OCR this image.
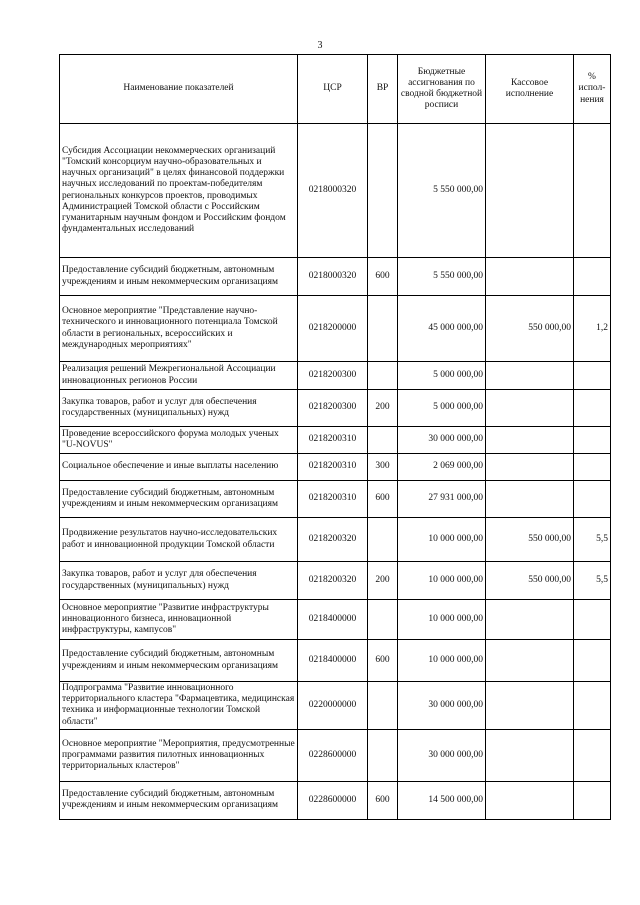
3
Наименование показателей	ЦСР	ВР	Бюджетные ассигнования по сводной бюджетной росписи	Кассовое исполнение	% испол-нения
Субсидия Ассоциации некоммерческих организаций "Томский консорциум научно-образовательных и научных организаций" в целях финансовой поддержки научных исследований по проектам-победителям региональных конкурсов проектов, проводимых Администрацией Томской области с Российским гуманитарным научным фондом и Российским фондом фундаментальных исследований	0218000320		5 550 000,00		
Предоставление субсидий бюджетным, автономным учреждениям и иным некоммерческим организациям	0218000320	600	5 550 000,00		
Основное мероприятие "Представление научно-технического и инновационного потенциала Томской области в региональных, всероссийских и международных мероприятиях"	0218200000		45 000 000,00	550 000,00	1,2
Реализация решений Межрегиональной Ассоциации инновационных регионов России	0218200300		5 000 000,00		
Закупка товаров, работ и услуг для обеспечения государственных (муниципальных) нужд	0218200300	200	5 000 000,00		
Проведение всероссийского форума молодых ученых "U-NOVUS"	0218200310		30 000 000,00		
Социальное обеспечение и иные выплаты населению	0218200310	300	2 069 000,00		
Предоставление субсидий бюджетным, автономным учреждениям и иным некоммерческим организациям	0218200310	600	27 931 000,00		
Продвижение результатов научно-исследовательских работ и инновационной продукции Томской области	0218200320		10 000 000,00	550 000,00	5,5
Закупка товаров, работ и услуг для обеспечения государственных (муниципальных) нужд	0218200320	200	10 000 000,00	550 000,00	5,5
Основное мероприятие "Развитие инфраструктуры инновационного бизнеса, инновационной инфраструктуры, кампусов"	0218400000		10 000 000,00		
Предоставление субсидий бюджетным, автономным учреждениям и иным некоммерческим организациям	0218400000	600	10 000 000,00		
Подпрограмма "Развитие инновационного территориального кластера "Фармацевтика, медицинская техника и информационные технологии Томской области"	0220000000		30 000 000,00		
Основное мероприятие "Мероприятия, предусмотренные программами развития пилотных инновационных территориальных кластеров"	0228600000		30 000 000,00		
Предоставление субсидий бюджетным, автономным учреждениям и иным некоммерческим организациям	0228600000	600	14 500 000,00		
